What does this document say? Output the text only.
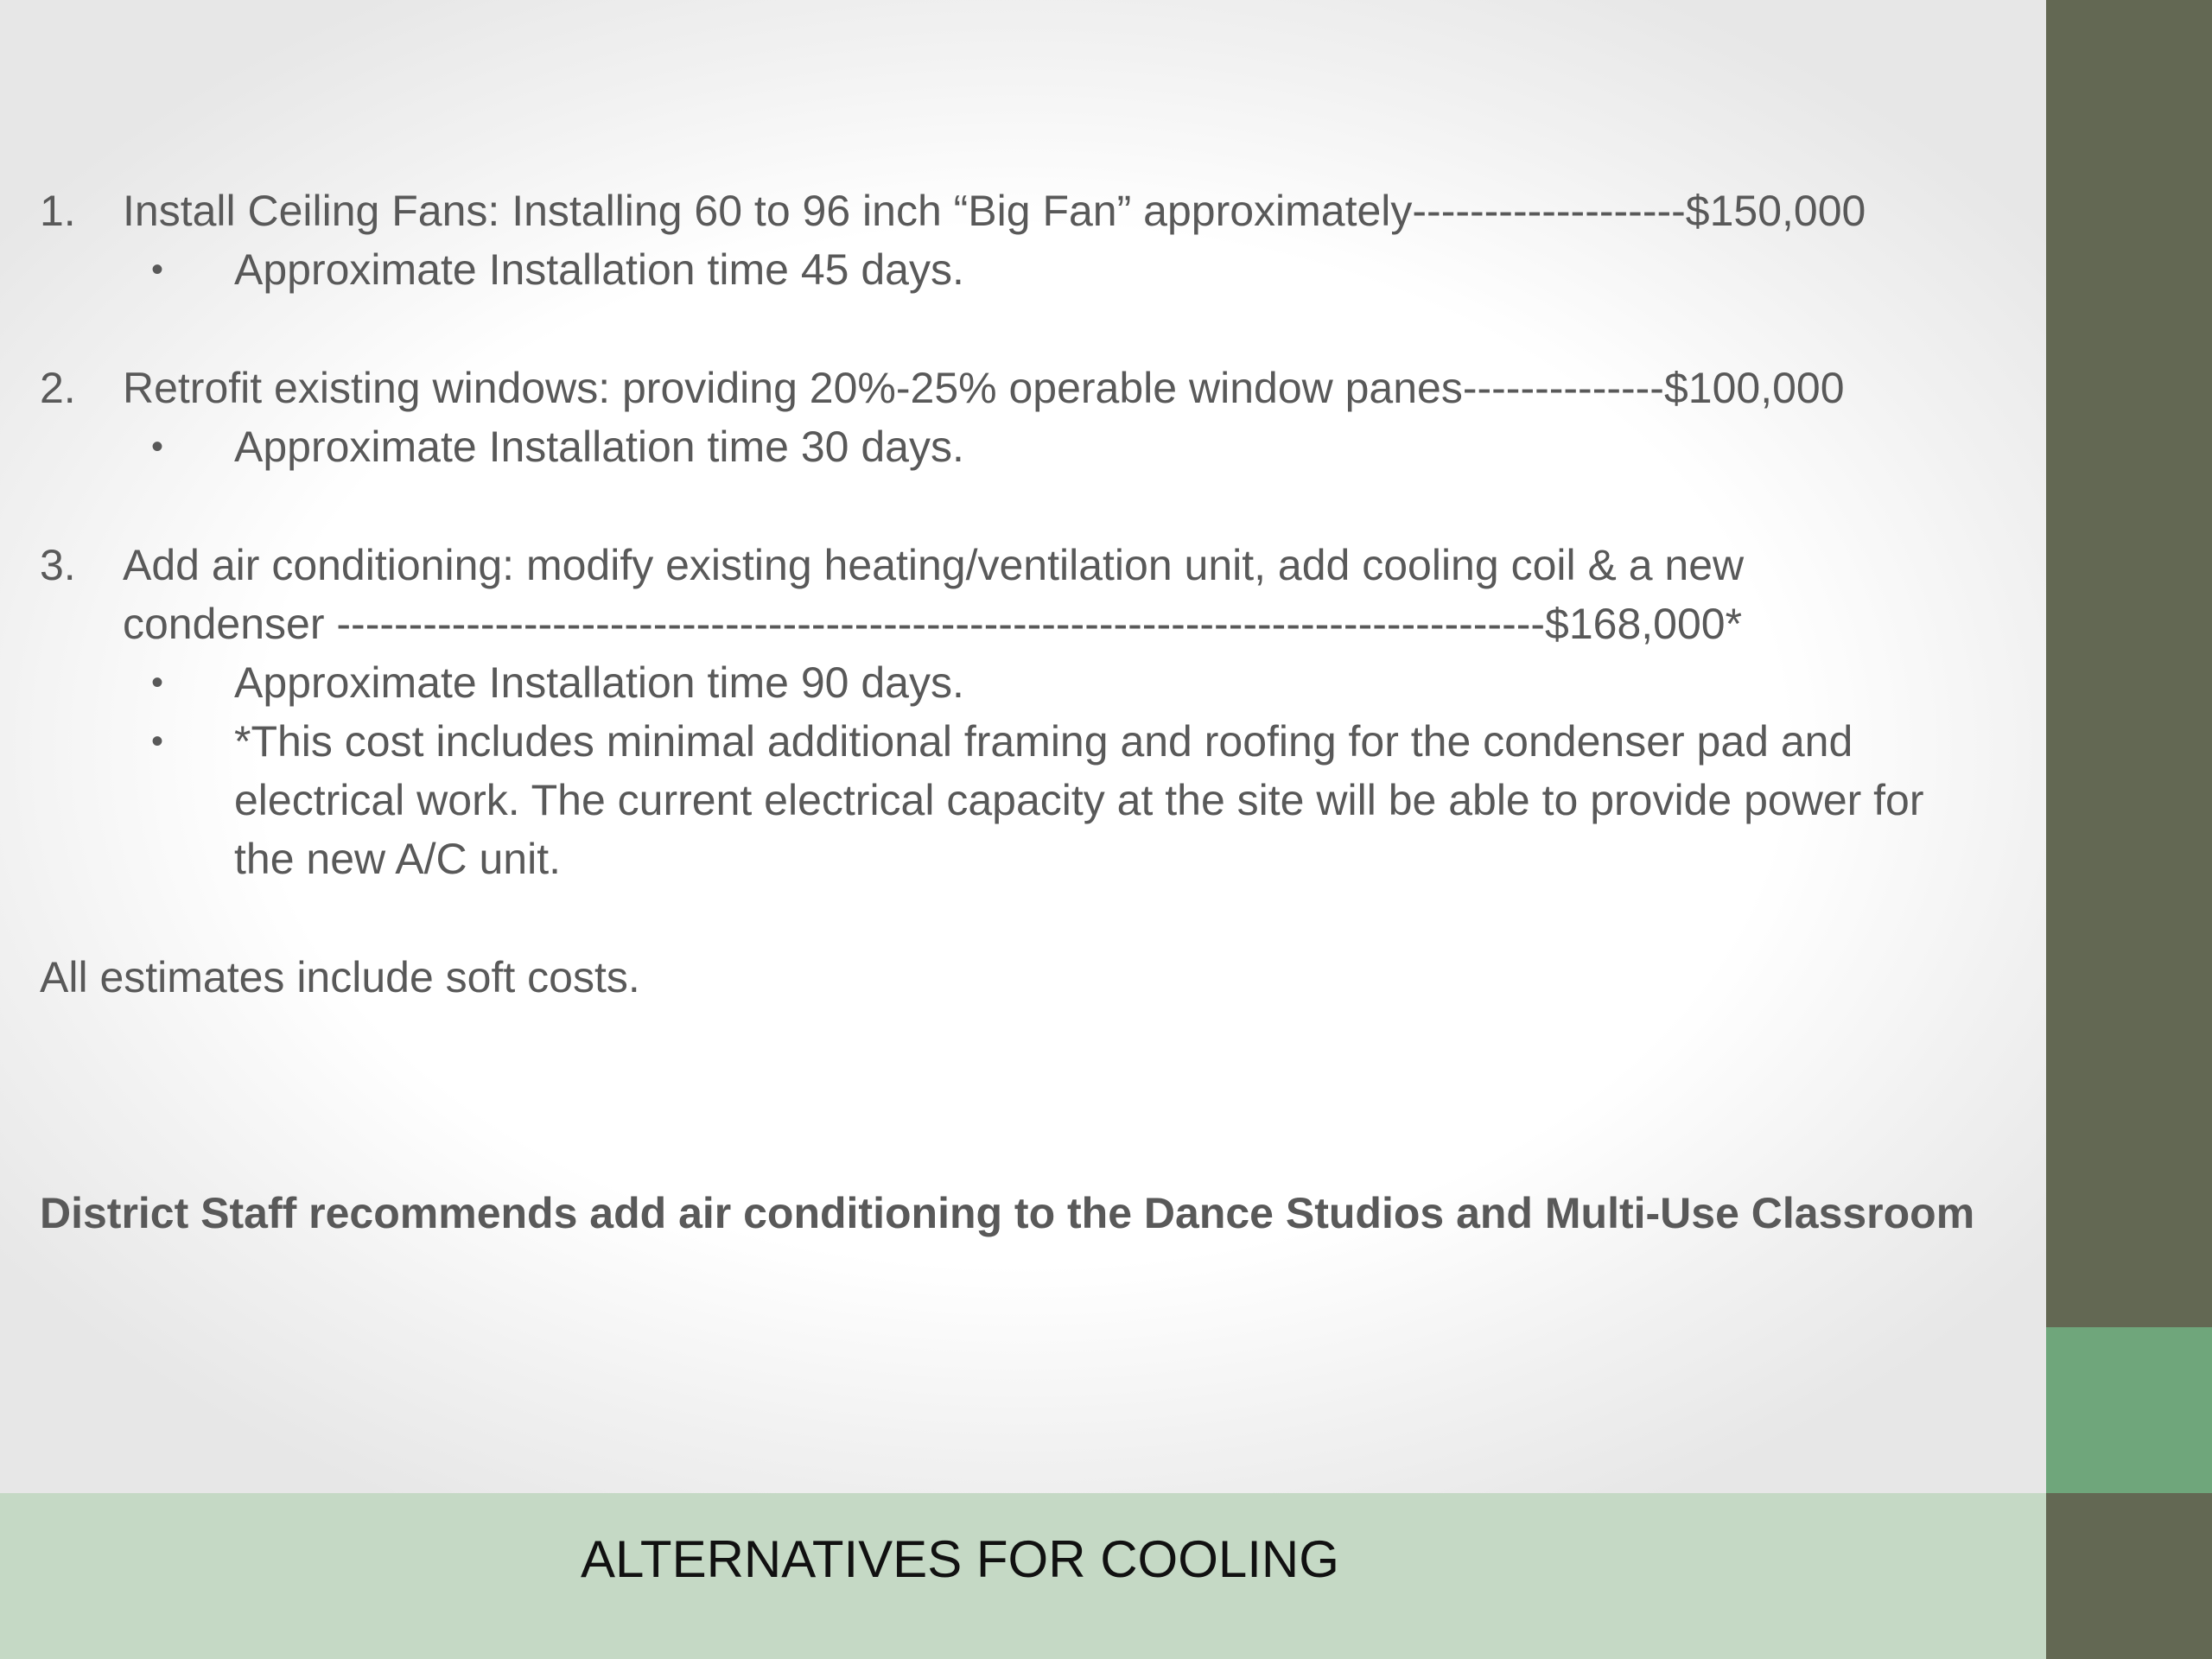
1. Install Ceiling Fans: Installing 60 to 96 inch “Big Fan” approximately-------------------$150,000
• Approximate Installation time 45 days.
2. Retrofit existing windows: providing 20%-25% operable window panes--------------$100,000
• Approximate Installation time 30 days.
3. Add air conditioning: modify existing heating/ventilation unit, add cooling coil & a new
condenser ------------------------------------------------------------------------------------$168,000*
• Approximate Installation time 90 days.
• *This cost includes minimal additional framing and roofing for the condenser pad and
electrical work. The current electrical capacity at the site will be able to provide power for
the new A/C unit.
All estimates include soft costs.
District Staff recommends add air conditioning to the Dance Studios and Multi-Use Classroom
ALTERNATIVES FOR COOLING
